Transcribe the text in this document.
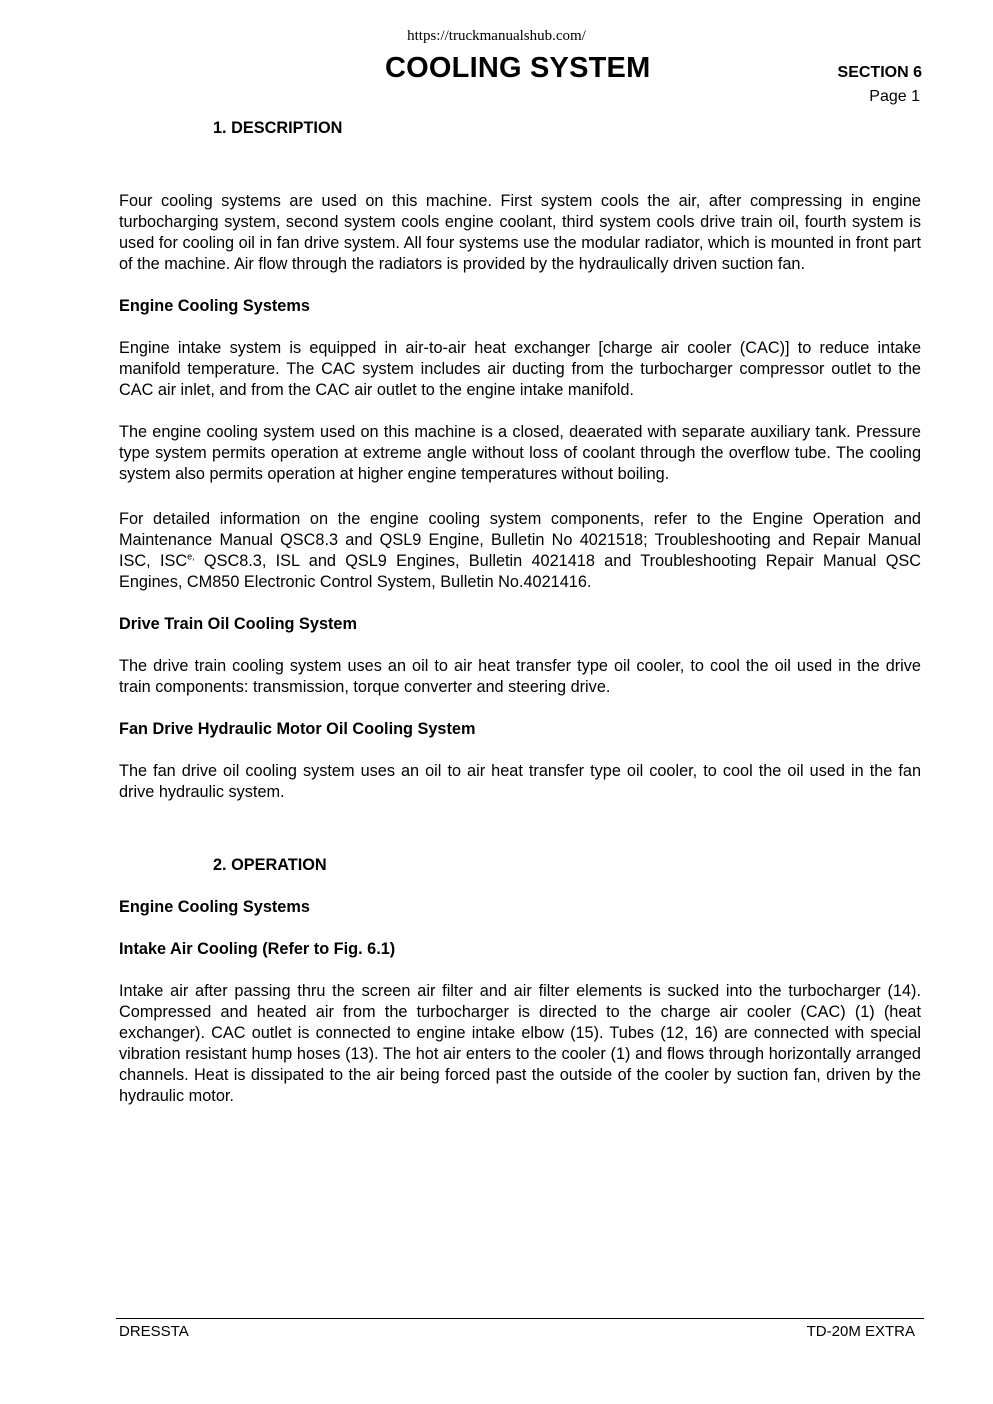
https://truckmanualshub.com/
COOLING SYSTEM	SECTION 6
Page 1

1. DESCRIPTION

Four cooling systems are used on this machine. First system cools the air, after compressing in engine turbocharging system, second system cools engine coolant, third system cools drive train oil, fourth system is used for cooling oil in fan drive system. All four systems use the modular radiator, which is mounted in front part of the machine. Air flow through the radiators is provided by the hydraulically driven suction fan.

Engine Cooling Systems

Engine intake system is equipped in air-to-air heat exchanger [charge air cooler (CAC)] to reduce intake manifold temperature. The CAC system includes air ducting from the turbocharger compressor outlet to the CAC air inlet, and from the CAC air outlet to the engine intake manifold.

The engine cooling system used on this machine is a closed, deaerated with separate auxiliary tank. Pressure type system permits operation at extreme angle without loss of coolant through the overflow tube. The cooling system also permits operation at higher engine temperatures without boiling.

For detailed information on the engine cooling system components, refer to the Engine Operation and Maintenance Manual QSC8.3 and QSL9 Engine, Bulletin No 4021518; Troubleshooting and Repair Manual ISC, $ISC^{e,}$ QSC8.3, ISL and QSL9 Engines, Bulletin 4021418 and Troubleshooting Repair Manual QSC Engines, CM850 Electronic Control System, Bulletin No.4021416.

Drive Train Oil Cooling System

The drive train cooling system uses an oil to air heat transfer type oil cooler, to cool the oil used in the drive train components: transmission, torque converter and steering drive.

Fan Drive Hydraulic Motor Oil Cooling System

The fan drive oil cooling system uses an oil to air heat transfer type oil cooler, to cool the oil used in the fan drive hydraulic system.

2. OPERATION

Engine Cooling Systems

Intake Air Cooling (Refer to Fig. 6.1)

Intake air after passing thru the screen air filter and air filter elements is sucked into the turbocharger (14). Compressed and heated air from the turbocharger is directed to the charge air cooler (CAC) (1) (heat exchanger). CAC outlet is connected to engine intake elbow (15). Tubes (12, 16) are connected with special vibration resistant hump hoses (13). The hot air enters to the cooler (1) and flows through horizontally arranged channels. Heat is dissipated to the air being forced past the outside of the cooler by suction fan, driven by the hydraulic motor.

DRESSTA	TD-20M EXTRA
